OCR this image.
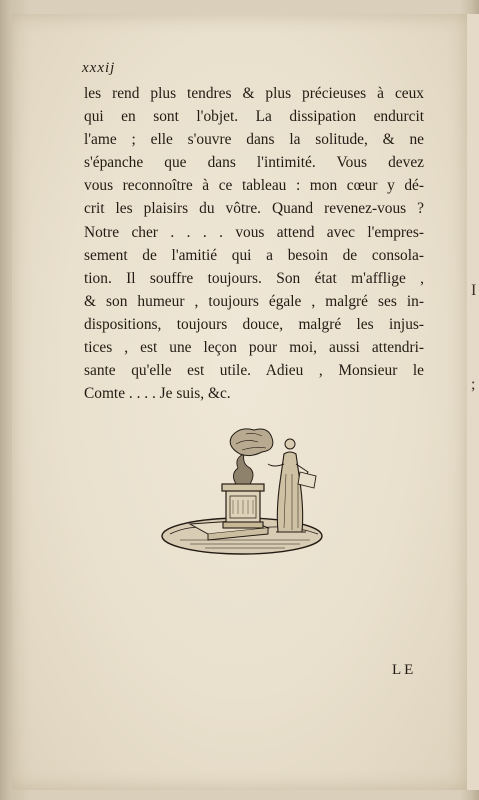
I
;

xxxij
les rend plus tendres & plus précieuses à ceux
qui en sont l'objet. La dissipation endurcit
l'ame ; elle s'ouvre dans la solitude, & ne
s'épanche que dans l'intimité. Vous devez
vous reconnoître à ce tableau : mon cœur y dé-
crit les plaisirs du vôtre. Quand revenez-vous ?
Notre cher . . . . vous attend avec l'empres-
sement de l'amitié qui a besoin de consola-
tion. Il souffre toujours. Son état m'afflige ,
& son humeur , toujours égale , malgré ses in-
dispositions, toujours douce, malgré les injus-
tices , est une leçon pour moi, aussi attendri-
sante qu'elle est utile. Adieu , Monsieur le
Comte . . . . Je suis, &c.
LE
